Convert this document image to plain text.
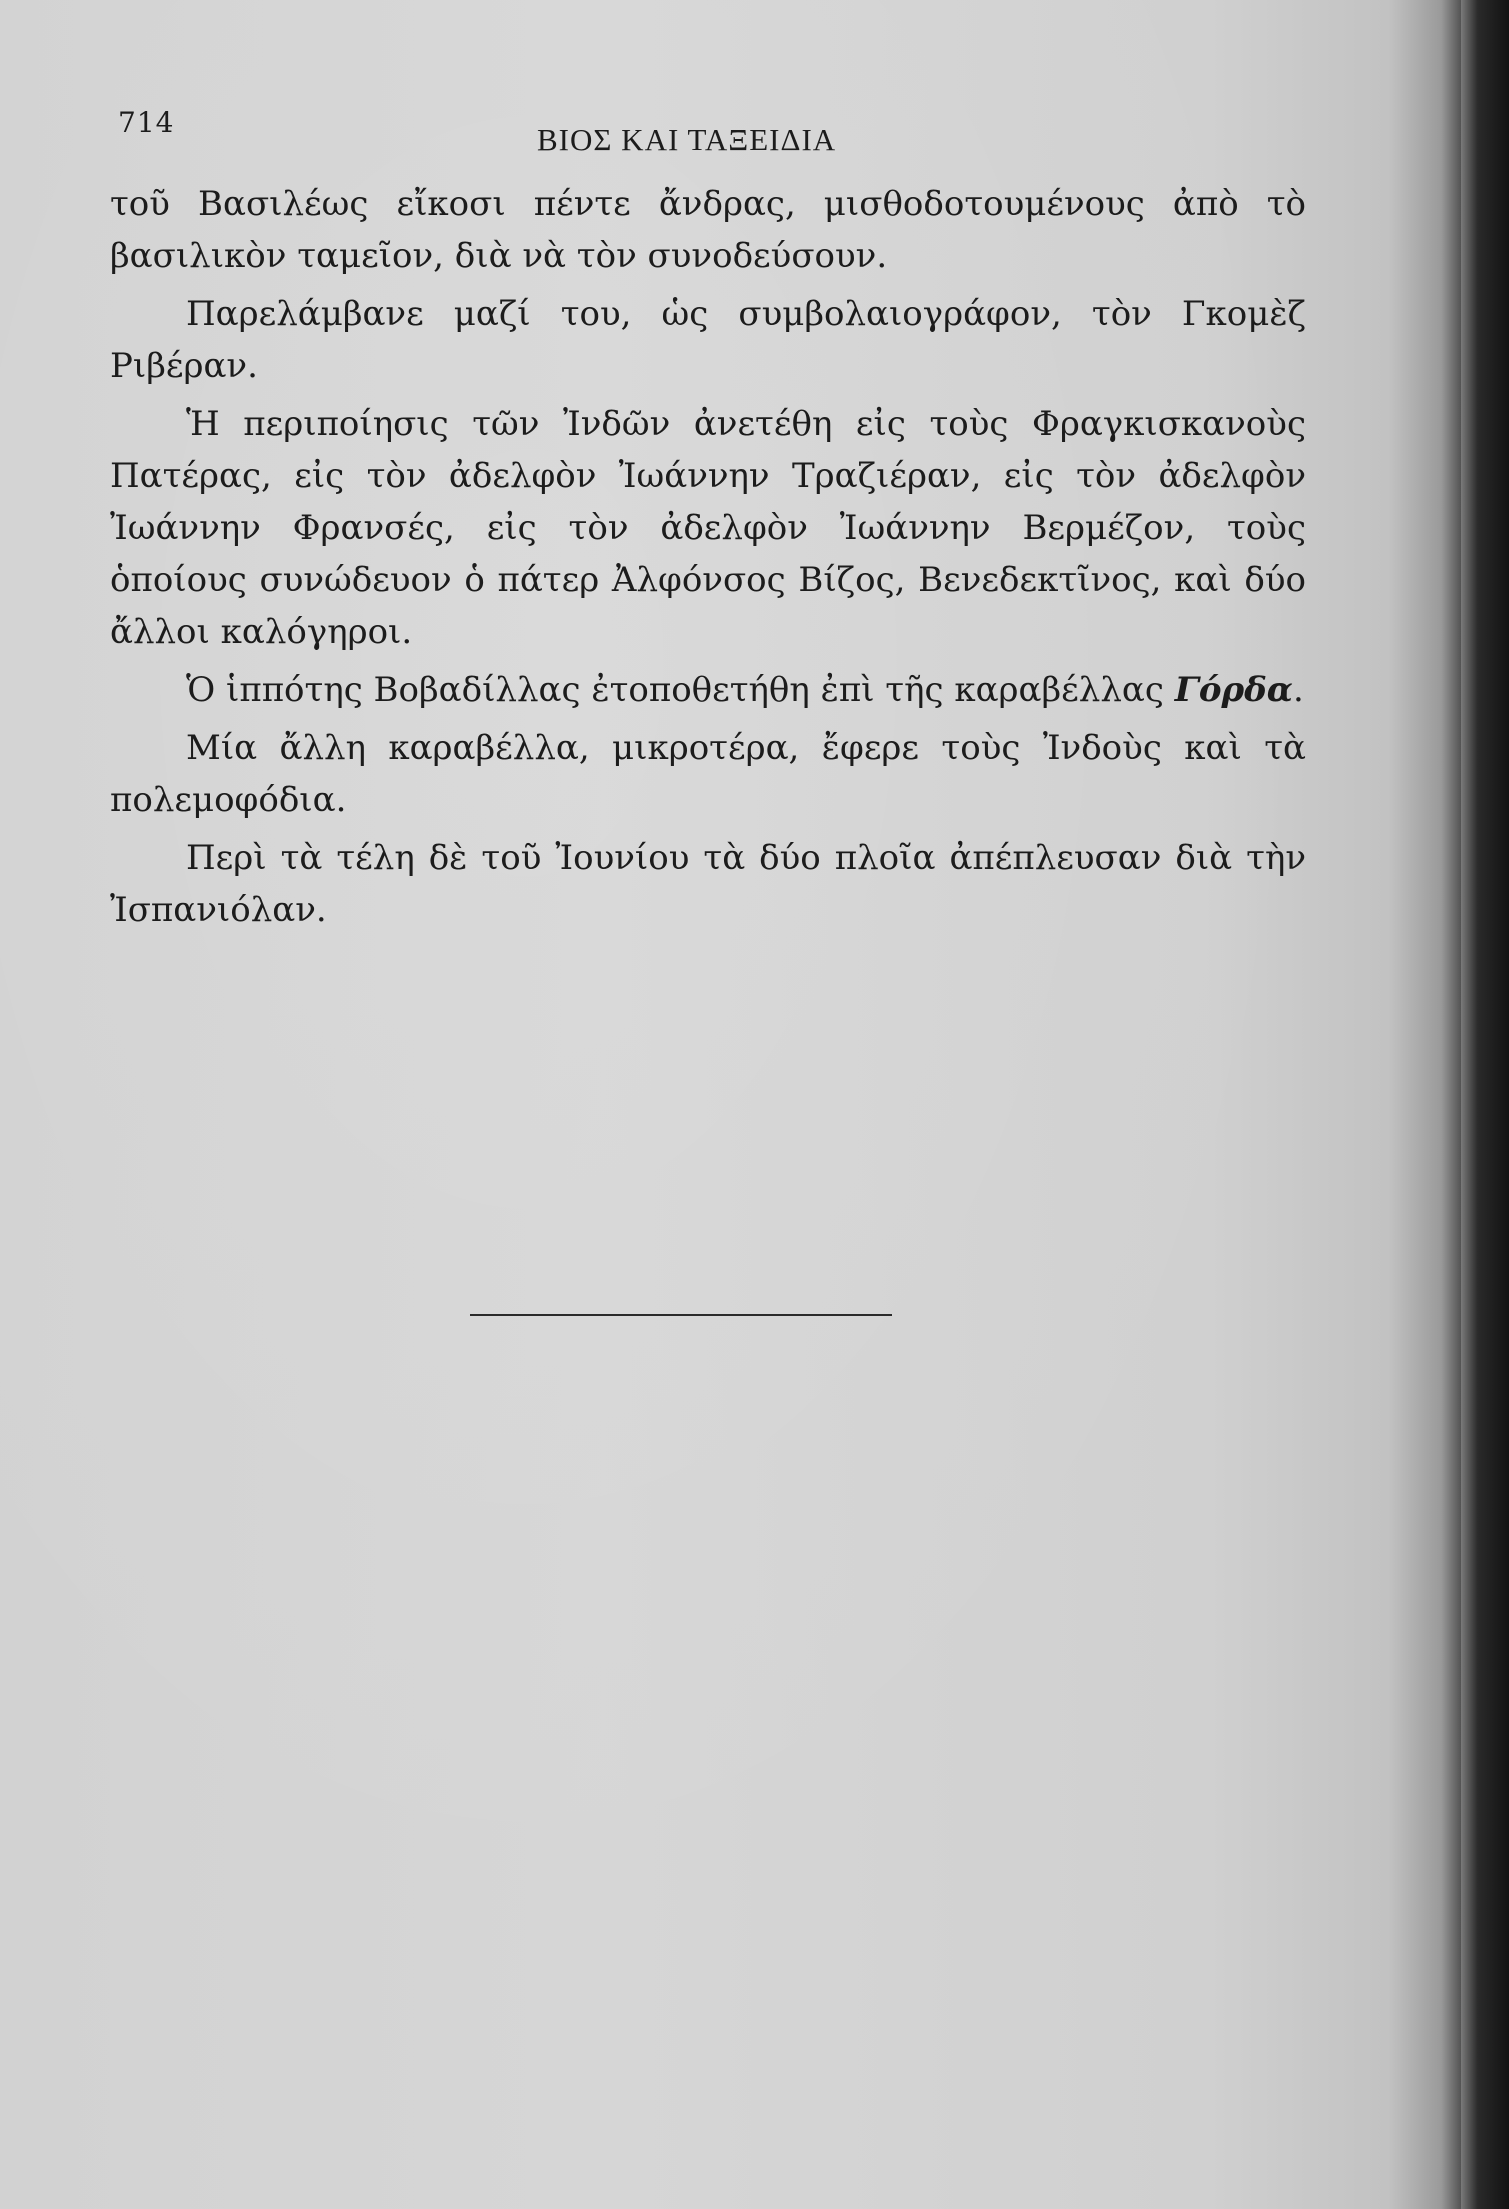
714	ΒΙΟΣ ΚΑΙ ΤΑΞΕΙΔΙΑ

τοῦ Βασιλέως εἴκοσι πέντε ἄνδρας, μισθοδοτουμένους ἀπὸ τὸ βασιλικὸν ταμεῖον, διὰ νὰ τὸν συνοδεύσουν.

Παρελάμβανε μαζί του, ὡς συμβολαιογράφον, τὸν Γκομὲζ Ριβέραν.

Ἡ περιποίησις τῶν Ἰνδῶν ἀνετέθη εἰς τοὺς Φραγκισκανοὺς Πατέρας, εἰς τὸν ἀδελφὸν Ἰωάννην Τραζιέραν, εἰς τὸν ἀδελφὸν Ἰωάννην Φρανσές, εἰς τὸν ἀδελφὸν Ἰωάννην Βερμέζον, τοὺς ὁποίους συνώδευον ὁ πάτερ Ἀλφόνσος Βίζος, Βενεδεκτῖνος, καὶ δύο ἄλλοι καλόγηροι.

Ὁ ἱππότης Βοβαδίλλας ἐτοποθετήθη ἐπὶ τῆς καραβέλλας Γόρδα.

Μία ἄλλη καραβέλλα, μικροτέρα, ἔφερε τοὺς Ἰνδοὺς καὶ τὰ πολεμοφόδια.

Περὶ τὰ τέλη δὲ τοῦ Ἰουνίου τὰ δύο πλοῖα ἀπέπλευσαν διὰ τὴν Ἰσπανιόλαν.
